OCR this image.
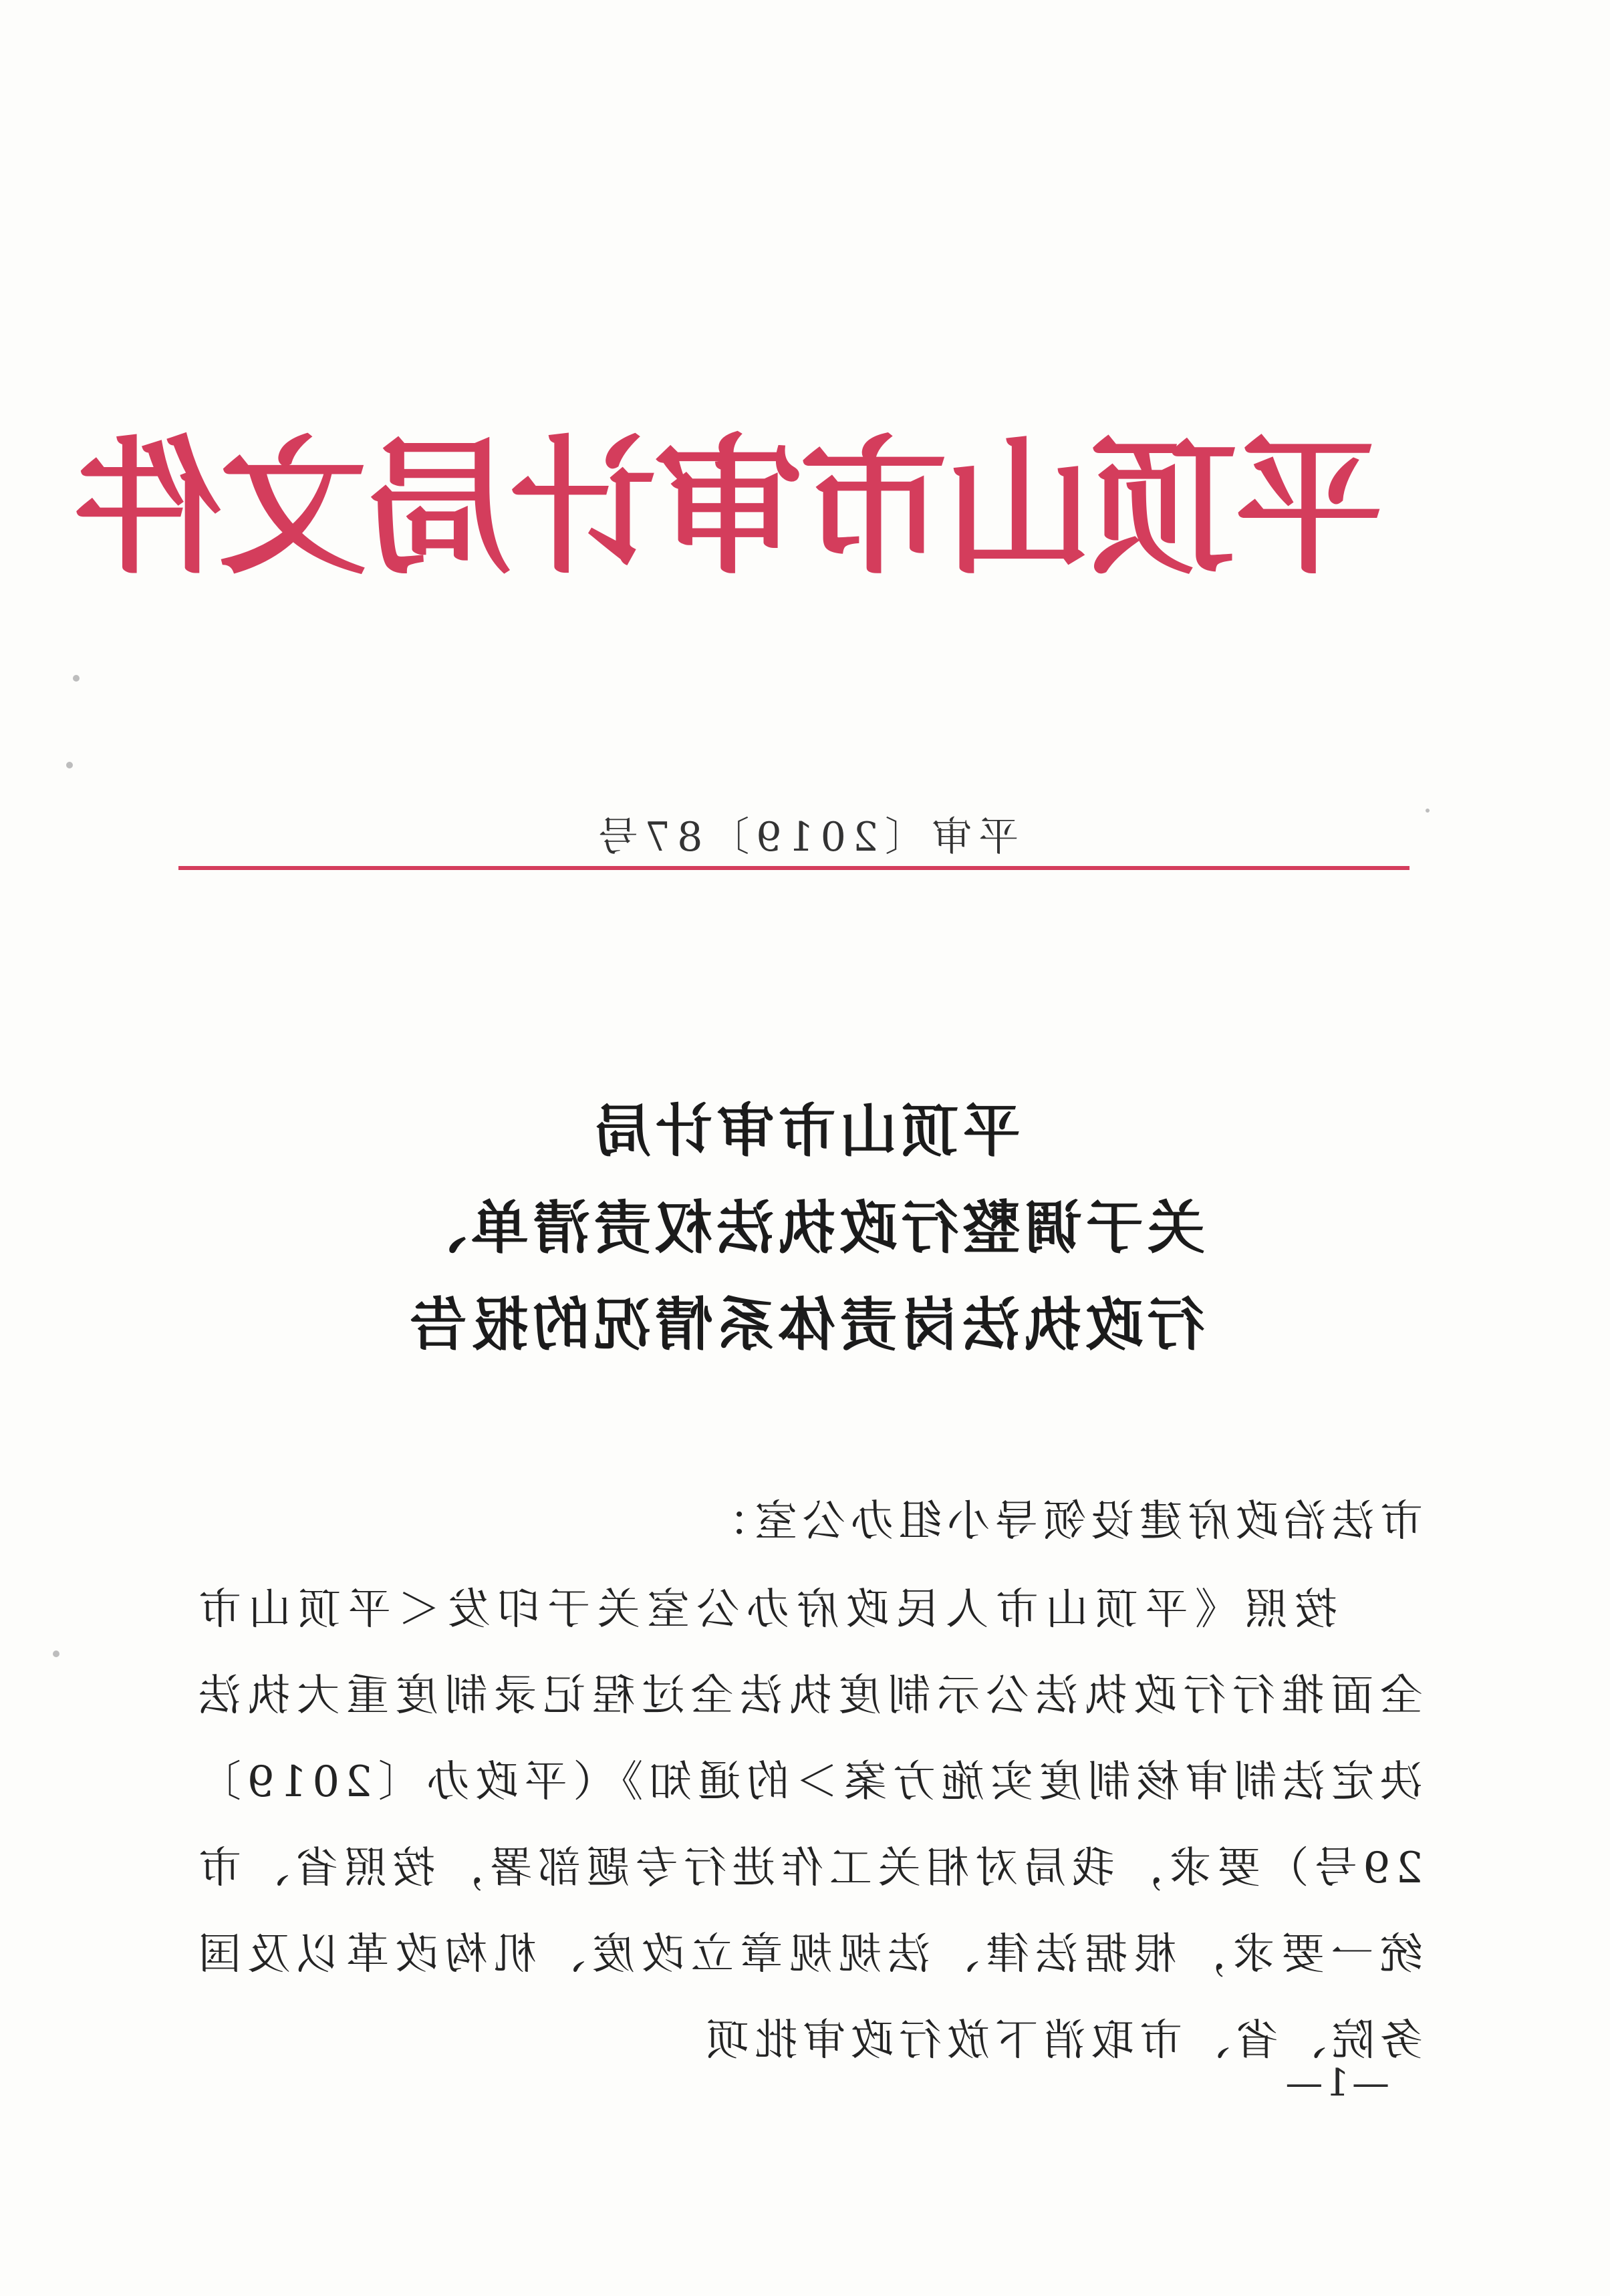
平
顶
山
市
审
计
局
文
件
平审〔2019〕87号
平顶山市审计局
关于调整行政执法权责清单、
行政执法岗责体系情况的报告
市法治政府建设领导小组办公室：
按照《平顶山市人民政府办公室关于印发＜平顶山市全面推行行政执法公示制度执法全过程记录制度重大执法决定法制审核制度实施方案＞的通知》（平政办〔2019〕29号）要求，我局对相关工作进行专题部署，按照省、市统一要求，根据法律、法规规章立改废、机构改革以及国务院、省、市取消下放行政审批项
—1—
